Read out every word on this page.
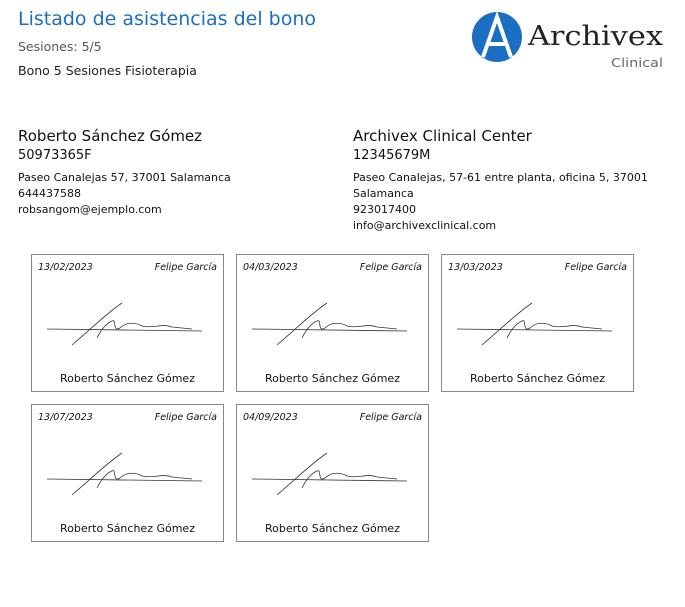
Listado de asistencias del bono
Sesiones: 5/5
Bono 5 Sesiones Fisioterapia
Archivex
Clinical
Roberto Sánchez Gómez
50973365F
Paseo Canalejas 57, 37001 Salamanca
644437588
robsangom@ejemplo.com
Archivex Clinical Center
12345679M
Paseo Canalejas, 57-61 entre planta, oficina 5, 37001 Salamanca
923017400
info@archivexclinical.com
13/02/2023	Felipe García
Roberto Sánchez Gómez
04/03/2023	Felipe García
Roberto Sánchez Gómez
13/03/2023	Felipe García
Roberto Sánchez Gómez
13/07/2023	Felipe García
Roberto Sánchez Gómez
04/09/2023	Felipe García
Roberto Sánchez Gómez
